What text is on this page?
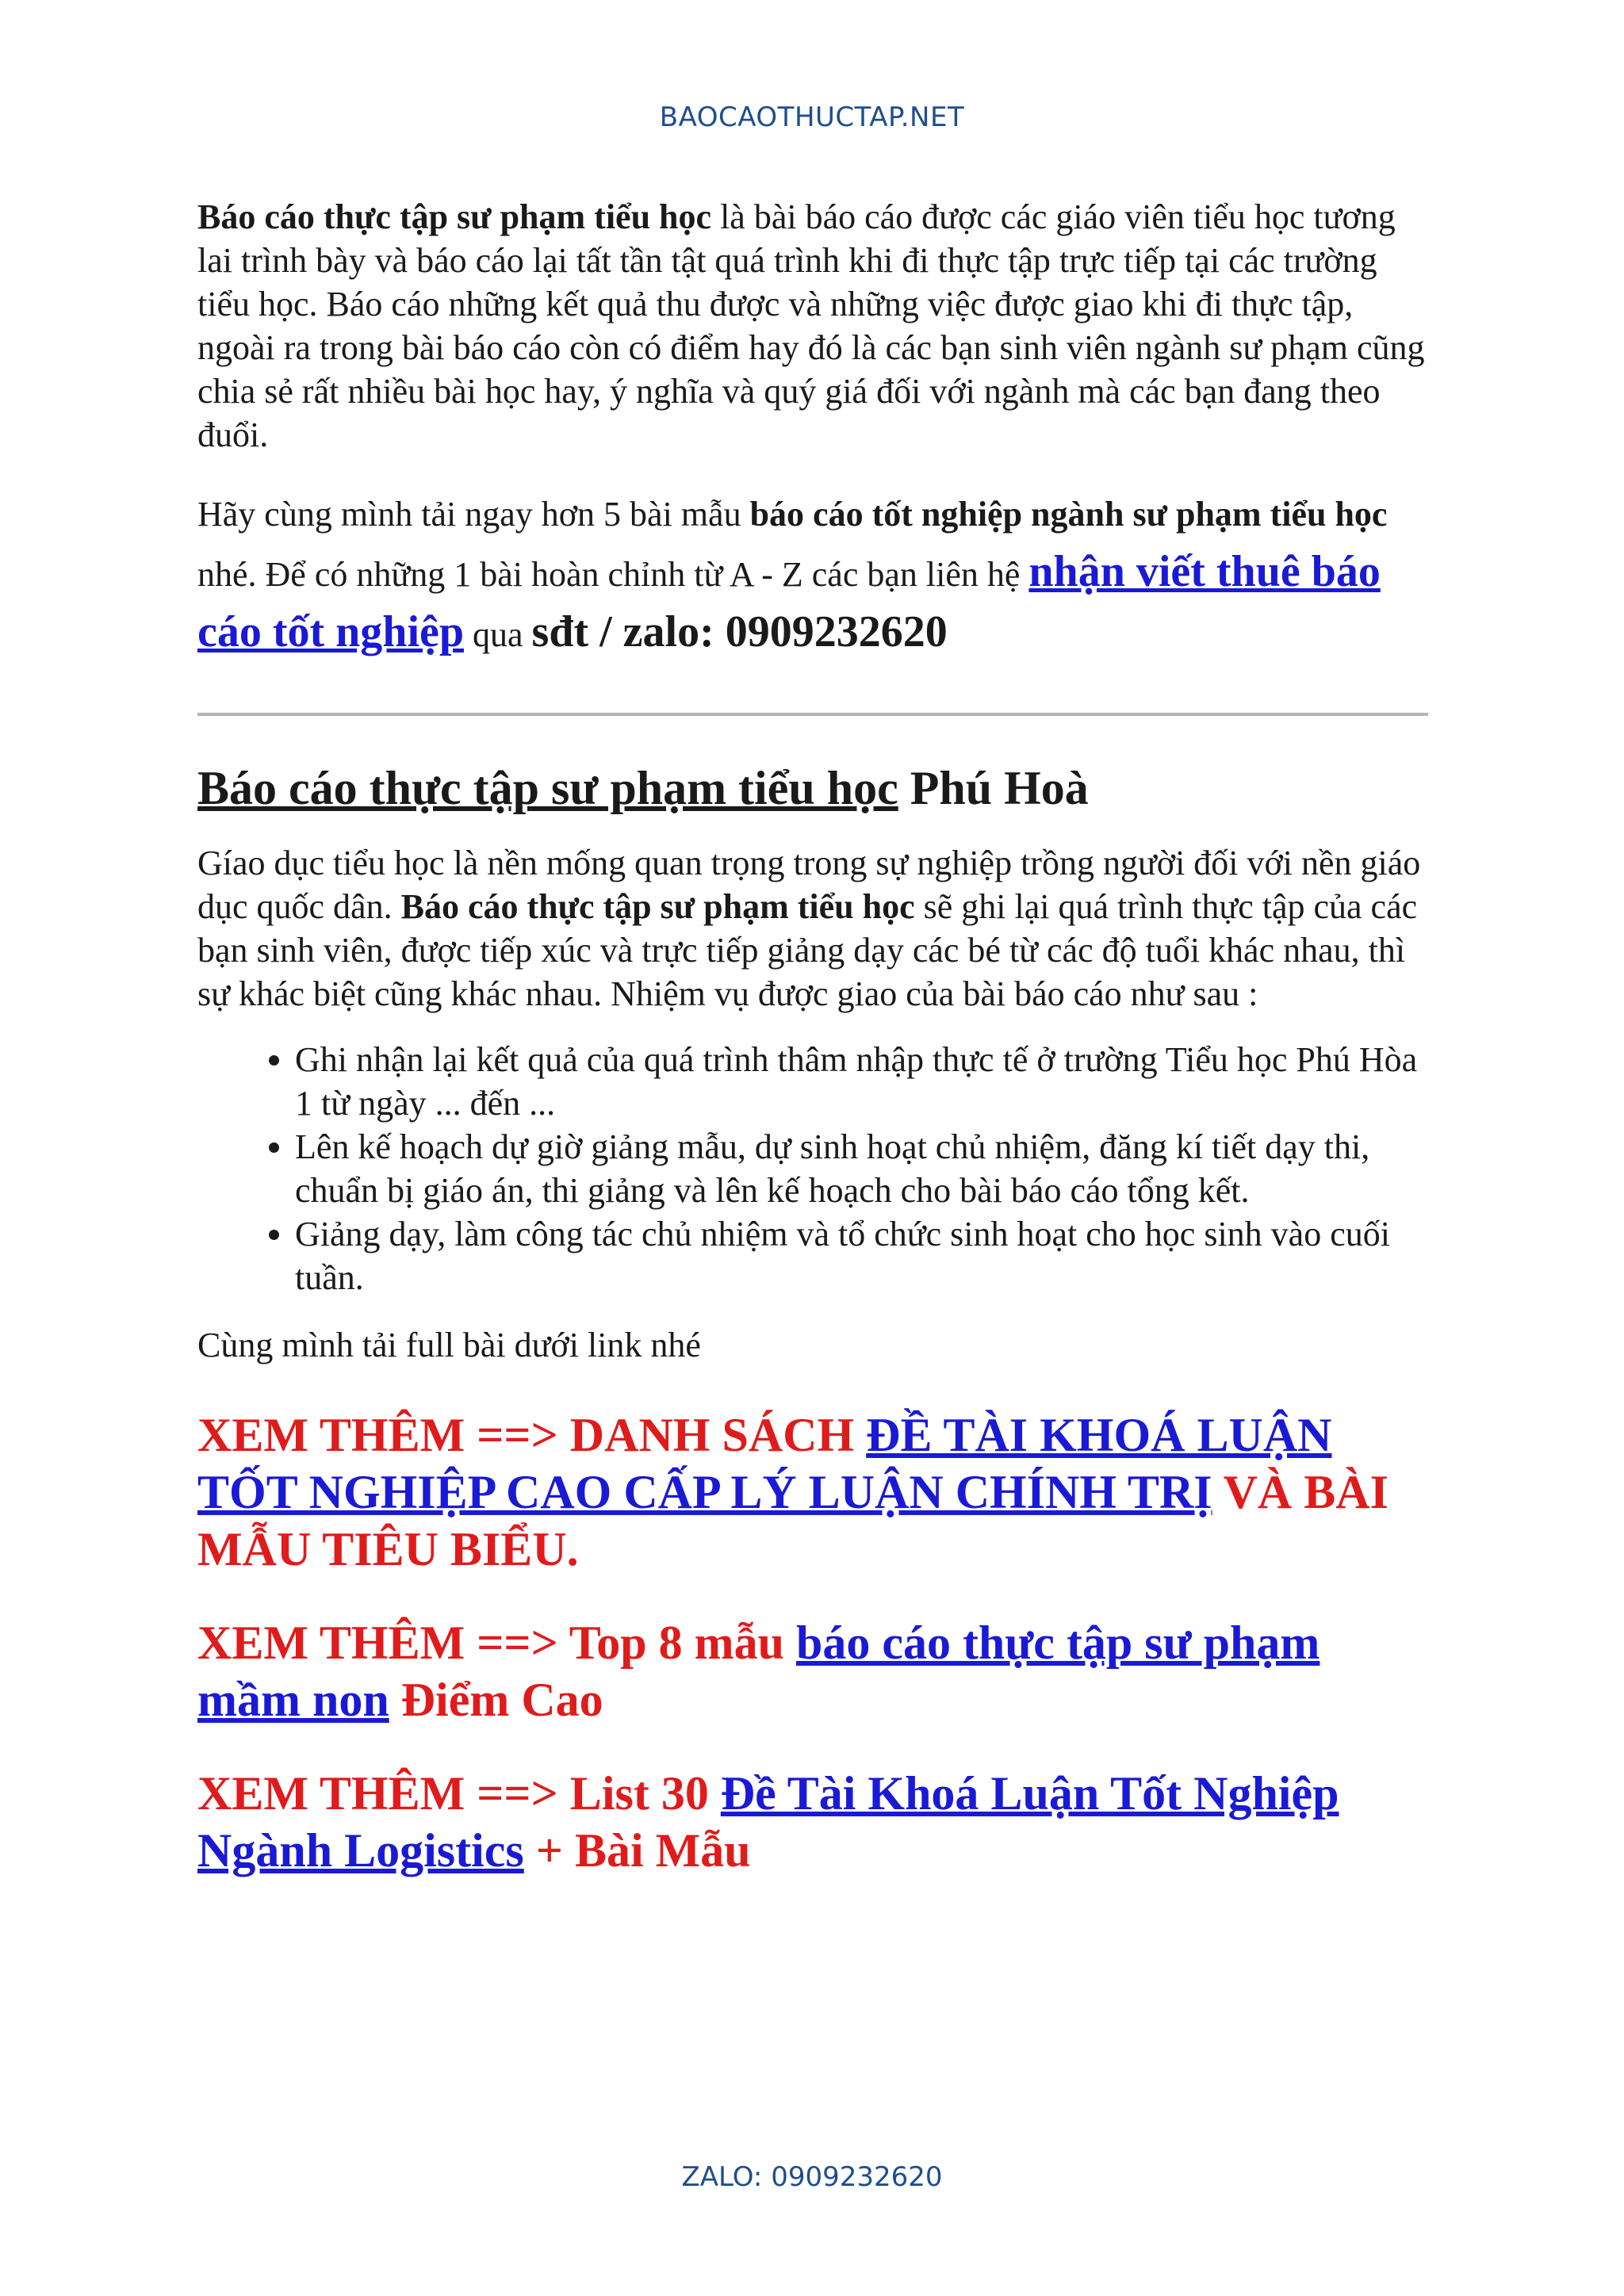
BAOCAOTHUCTAP.NET

Báo cáo thực tập sư phạm tiểu học là bài báo cáo được các giáo viên tiểu học tương lai trình bày và báo cáo lại tất tần tật quá trình khi đi thực tập trực tiếp tại các trường tiểu học. Báo cáo những kết quả thu được và những việc được giao khi đi thực tập, ngoài ra trong bài báo cáo còn có điểm hay đó là các bạn sinh viên ngành sư phạm cũng chia sẻ rất nhiều bài học hay, ý nghĩa và quý giá đối với ngành mà các bạn đang theo đuổi.

Hãy cùng mình tải ngay hơn 5 bài mẫu báo cáo tốt nghiệp ngành sư phạm tiểu học nhé. Để có những 1 bài hoàn chỉnh từ A - Z các bạn liên hệ nhận viết thuê báo cáo tốt nghiệp qua sđt / zalo: 0909232620

Báo cáo thực tập sư phạm tiểu học Phú Hoà

Gíao dục tiểu học là nền mống quan trọng trong sự nghiệp trồng người đối với nền giáo dục quốc dân. Báo cáo thực tập sư phạm tiểu học sẽ ghi lại quá trình thực tập của các bạn sinh viên, được tiếp xúc và trực tiếp giảng dạy các bé từ các độ tuổi khác nhau, thì sự khác biệt cũng khác nhau. Nhiệm vụ được giao của bài báo cáo như sau :

• Ghi nhận lại kết quả của quá trình thâm nhập thực tế ở trường Tiểu học Phú Hòa 1 từ ngày ... đến ...
• Lên kế hoạch dự giờ giảng mẫu, dự sinh hoạt chủ nhiệm, đăng kí tiết dạy thi, chuẩn bị giáo án, thi giảng và lên kế hoạch cho bài báo cáo tổng kết.
• Giảng dạy, làm công tác chủ nhiệm và tổ chức sinh hoạt cho học sinh vào cuối tuần.

Cùng mình tải full bài dưới link nhé

XEM THÊM ==> DANH SÁCH ĐỀ TÀI KHOÁ LUẬN TỐT NGHIỆP CAO CẤP LÝ LUẬN CHÍNH TRỊ VÀ BÀI MẪU TIÊU BIỂU.

XEM THÊM ==> Top 8 mẫu báo cáo thực tập sư phạm mầm non Điểm Cao

XEM THÊM ==> List 30 Đề Tài Khoá Luận Tốt Nghiệp Ngành Logistics + Bài Mẫu

ZALO: 0909232620
